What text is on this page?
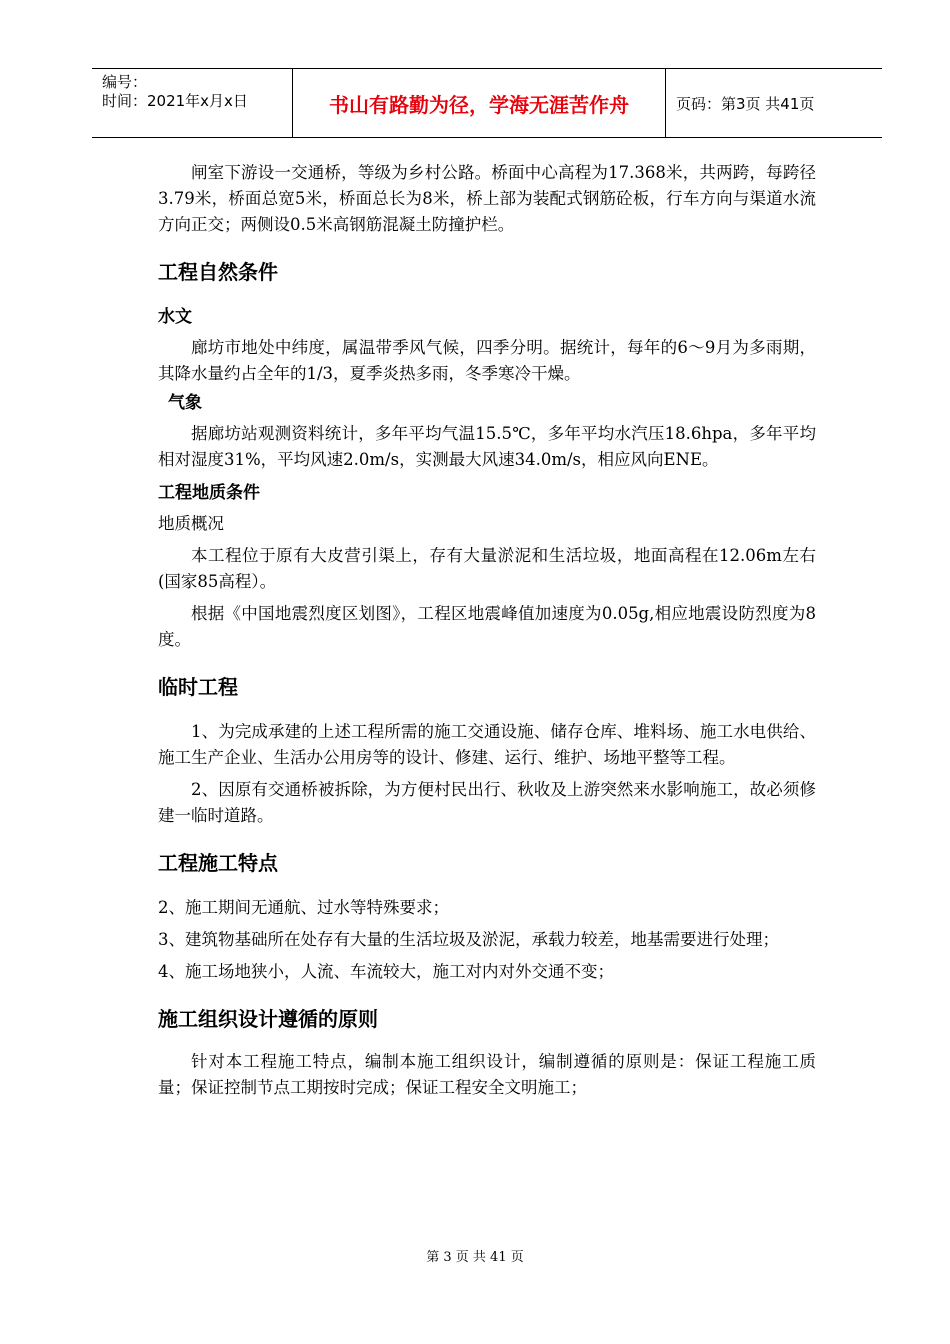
编号：
时间：2021年x月x日	书山有路勤为径，学海无涯苦作舟	页码：第3页 共41页

闸室下游设一交通桥，等级为乡村公路。桥面中心高程为17.368米，共两跨，每跨径3.79米，桥面总宽5米，桥面总长为8米，桥上部为装配式钢筋砼板，行车方向与渠道水流方向正交；两侧设0.5米高钢筋混凝土防撞护栏。

工程自然条件
水文

廊坊市地处中纬度，属温带季风气候，四季分明。据统计，每年的6～9月为多雨期，其降水量约占全年的1/3，夏季炎热多雨，冬季寒冷干燥。

气象

据廊坊站观测资料统计，多年平均气温15.5℃，多年平均水汽压18.6hpa，多年平均相对湿度31%，平均风速2.0m/s，实测最大风速34.0m/s，相应风向ENE。

工程地质条件

地质概况

本工程位于原有大皮营引渠上，存有大量淤泥和生活垃圾，地面高程在12.06m左右(国家85高程）。

根据《中国地震烈度区划图》，工程区地震峰值加速度为0.05g,相应地震设防烈度为8度。

临时工程

1、为完成承建的上述工程所需的施工交通设施、储存仓库、堆料场、施工水电供给、施工生产企业、生活办公用房等的设计、修建、运行、维护、场地平整等工程。

2、因原有交通桥被拆除，为方便村民出行、秋收及上游突然来水影响施工，故必须修建一临时道路。

工程施工特点

2、施工期间无通航、过水等特殊要求；

3、建筑物基础所在处存有大量的生活垃圾及淤泥，承载力较差，地基需要进行处理；

4、施工场地狭小，人流、车流较大，施工对内对外交通不变；

施工组织设计遵循的原则

针对本工程施工特点，编制本施工组织设计，编制遵循的原则是：保证工程施工质量；保证控制节点工期按时完成；保证工程安全文明施工；

第 3 页 共 41 页
